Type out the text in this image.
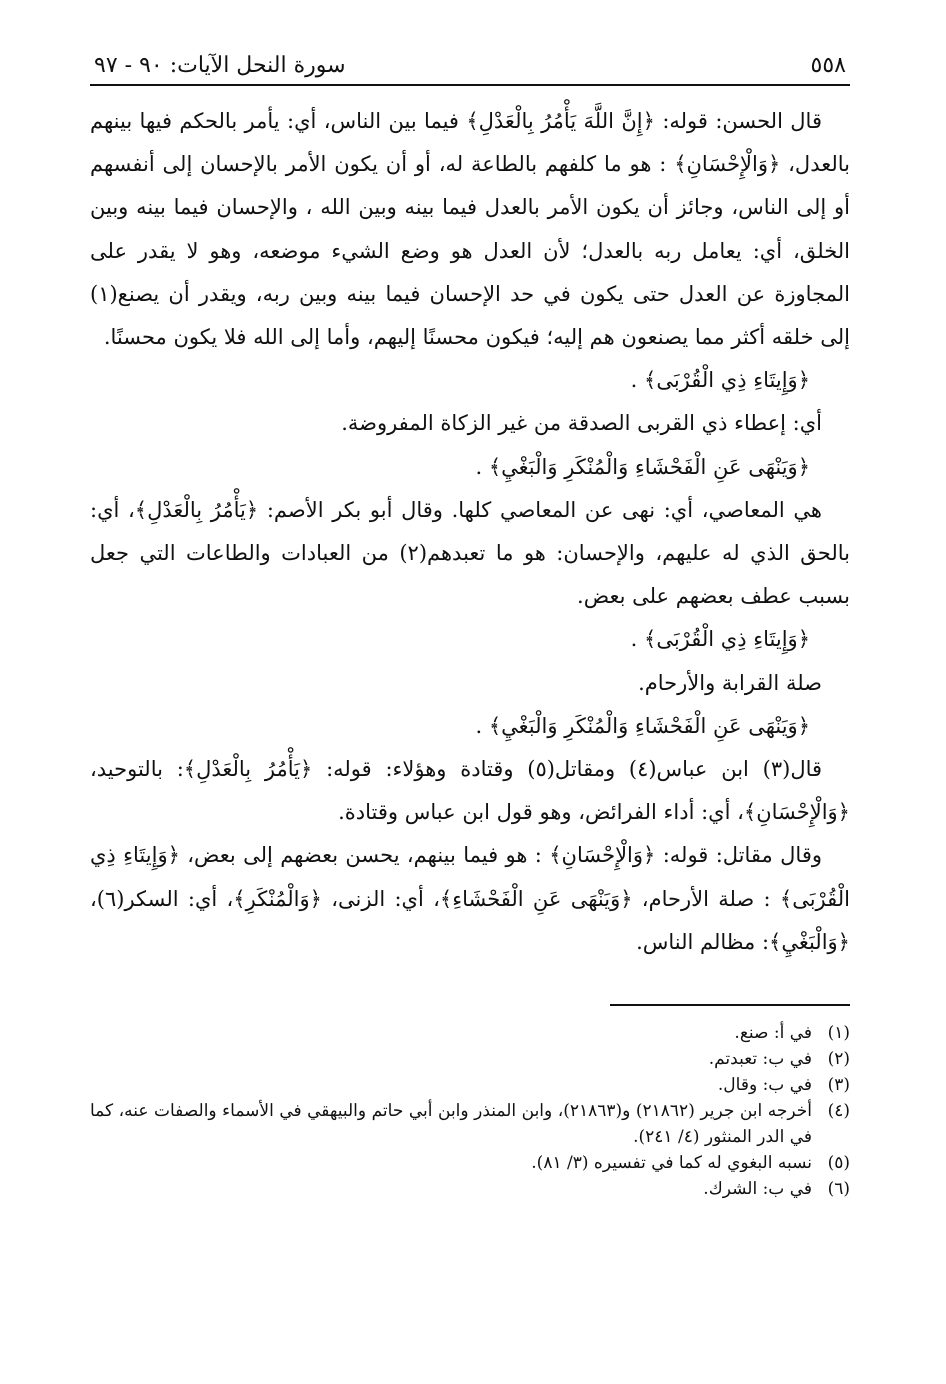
٥٥٨
سورة النحل الآيات: ٩٠ - ٩٧

قال الحسن: قوله: ﴿إِنَّ اللَّهَ يَأْمُرُ بِالْعَدْلِ﴾ فيما بين الناس، أي: يأمر بالحكم فيها بينهم بالعدل، ﴿وَالْإِحْسَانِ﴾ : هو ما كلفهم بالطاعة له، أو أن يكون الأمر بالإحسان إلى أنفسهم أو إلى الناس، وجائز أن يكون الأمر بالعدل فيما بينه وبين الله ، والإحسان فيما بينه وبين الخلق، أي: يعامل ربه بالعدل؛ لأن العدل هو وضع الشيء موضعه، وهو لا يقدر على المجاوزة عن العدل حتى يكون في حد الإحسان فيما بينه وبين ربه، ويقدر أن يصنع(١) إلى خلقه أكثر مما يصنعون هم إليه؛ فيكون محسنًا إليهم، وأما إلى الله فلا يكون محسنًا.

﴿وَإِيتَاءِ ذِي الْقُرْبَى﴾ .

أي: إعطاء ذي القربى الصدقة من غير الزكاة المفروضة.

﴿وَيَنْهَى عَنِ الْفَحْشَاءِ وَالْمُنْكَرِ وَالْبَغْيِ﴾ .

هي المعاصي، أي: نهى عن المعاصي كلها. وقال أبو بكر الأصم: ﴿يَأْمُرُ بِالْعَدْلِ﴾، أي: بالحق الذي له عليهم، والإحسان: هو ما تعبدهم(٢) من العبادات والطاعات التي جعل بسبب عطف بعضهم على بعض.

﴿وَإِيتَاءِ ذِي الْقُرْبَى﴾ .

صلة القرابة والأرحام.

﴿وَيَنْهَى عَنِ الْفَحْشَاءِ وَالْمُنْكَرِ وَالْبَغْيِ﴾ .

قال(٣) ابن عباس(٤) ومقاتل(٥) وقتادة وهؤلاء: قوله: ﴿يَأْمُرُ بِالْعَدْلِ﴾: بالتوحيد، ﴿وَالْإِحْسَانِ﴾، أي: أداء الفرائض، وهو قول ابن عباس وقتادة.

وقال مقاتل: قوله: ﴿وَالْإِحْسَانِ﴾ : هو فيما بينهم، يحسن بعضهم إلى بعض، ﴿وَإِيتَاءِ ذِي الْقُرْبَى﴾ : صلة الأرحام، ﴿وَيَنْهَى عَنِ الْفَحْشَاءِ﴾، أي: الزنى، ﴿وَالْمُنْكَرِ﴾، أي: السكر(٦)، ﴿وَالْبَغْيِ﴾: مظالم الناس.

(١)
في أ: صنع.
(٢)
في ب: تعبدتم.
(٣)
في ب: وقال.
(٤)
أخرجه ابن جرير (٢١٨٦٢) و(٢١٨٦٣)، وابن المنذر وابن أبي حاتم والبيهقي في الأسماء والصفات عنه، كما في الدر المنثور (٤/ ٢٤١).
(٥)
نسبه البغوي له كما في تفسيره (٣/ ٨١).
(٦)
في ب: الشرك.
